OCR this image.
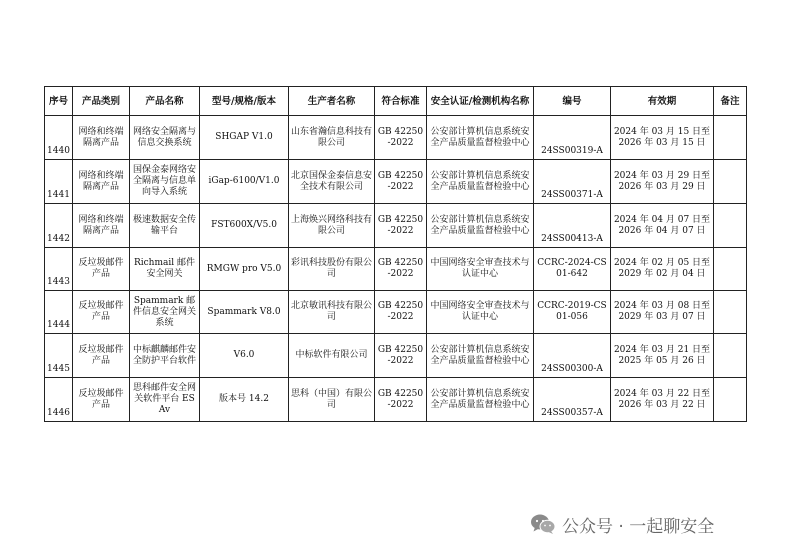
序号	产品类别	产品名称	型号/规格/版本	生产者名称	符合标准	安全认证/检测机构名称	编号	有效期	备注
1440	网络和终端隔离产品	网络安全隔离与信息交换系统	SHGAP V1.0	山东省瀚信息科技有限公司	GB 42250-2022	公安部计算机信息系统安全产品质量监督检验中心	24SS00319-A	2024 年 03 月 15 日至
2026 年 03 月 15 日	
1441	网络和终端隔离产品	国保金泰网络安全隔离与信息单向导入系统	iGap-6100/V1.0	北京国保金泰信息安全技术有限公司	GB 42250-2022	公安部计算机信息系统安全产品质量监督检验中心	24SS00371-A	2024 年 03 月 29 日至
2026 年 03 月 29 日	
1442	网络和终端隔离产品	极速数据安全传输平台	FST600X/V5.0	上海焕兴网络科技有限公司	GB 42250-2022	公安部计算机信息系统安全产品质量监督检验中心	24SS00413-A	2024 年 04 月 07 日至
2026 年 04 月 07 日	
1443	反垃圾邮件产品	Richmail 邮件安全网关	RMGW pro V5.0	彩讯科技股份有限公司	GB 42250-2022	中国网络安全审查技术与认证中心	CCRC-2024-CS01-642	2024 年 02 月 05 日至
2029 年 02 月 04 日	
1444	反垃圾邮件产品	Spammark 邮件信息安全网关系统	Spammark V8.0	北京敏讯科技有限公司	GB 42250-2022	中国网络安全审查技术与认证中心	CCRC-2019-CS01-056	2024 年 03 月 08 日至
2029 年 03 月 07 日	
1445	反垃圾邮件产品	中标麒麟邮件安全防护平台软件	V6.0	中标软件有限公司	GB 42250-2022	公安部计算机信息系统安全产品质量监督检验中心	24SS00300-A	2024 年 03 月 21 日至
2025 年 05 月 26 日	
1446	反垃圾邮件产品	思科邮件安全网关软件平台 ESAv	版本号 14.2	思科（中国）有限公司	GB 42250-2022	公安部计算机信息系统安全产品质量监督检验中心	24SS00357-A	2024 年 03 月 22 日至
2026 年 03 月 22 日	
公众号 · 一起聊安全
